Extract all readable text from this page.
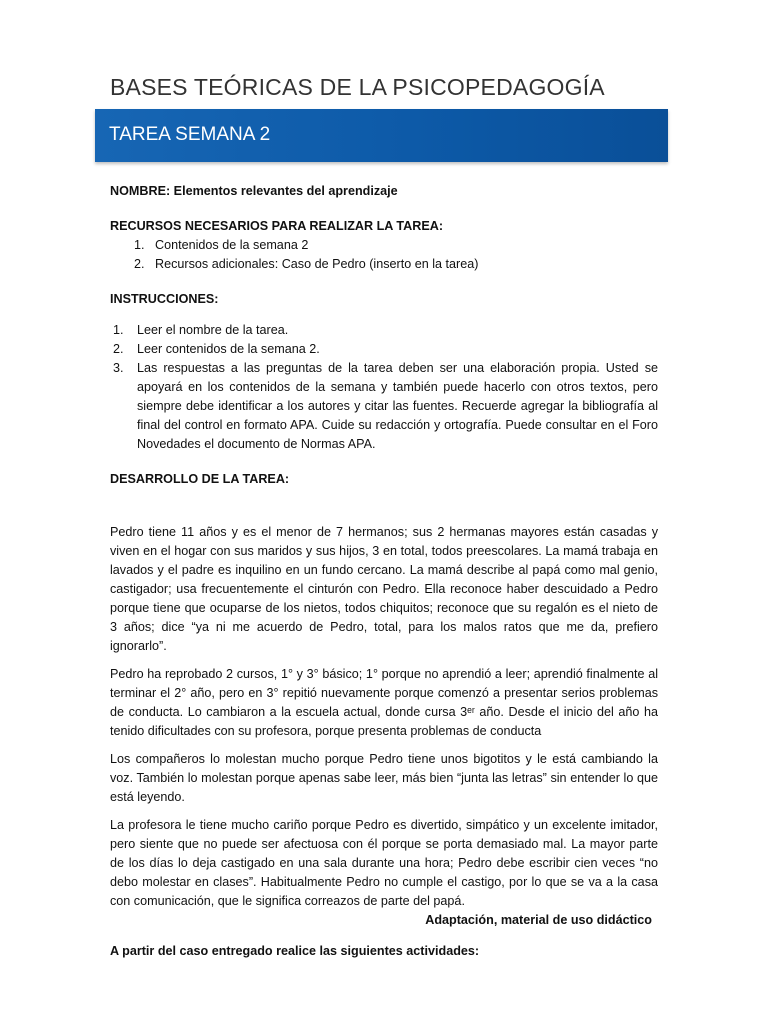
BASES TEÓRICAS DE LA PSICOPEDAGOGÍA
TAREA SEMANA 2

NOMBRE: Elementos relevantes del aprendizaje

RECURSOS NECESARIOS PARA REALIZAR LA TAREA:

1. Contenidos de la semana 2
2. Recursos adicionales: Caso de Pedro (inserto en la tarea)

INSTRUCCIONES:

1. Leer el nombre de la tarea.
2. Leer contenidos de la semana 2.
3. Las respuestas a las preguntas de la tarea deben ser una elaboración propia. Usted se apoyará en los contenidos de la semana y también puede hacerlo con otros textos, pero siempre debe identificar a los autores y citar las fuentes. Recuerde agregar la bibliografía al final del control en formato APA. Cuide su redacción y ortografía. Puede consultar en el Foro Novedades el documento de Normas APA.

DESARROLLO DE LA TAREA:

Pedro tiene 11 años y es el menor de 7 hermanos; sus 2 hermanas mayores están casadas y viven en el hogar con sus maridos y sus hijos, 3 en total, todos preescolares. La mamá trabaja en lavados y el padre es inquilino en un fundo cercano. La mamá describe al papá como mal genio, castigador; usa frecuentemente el cinturón con Pedro. Ella reconoce haber descuidado a Pedro porque tiene que ocuparse de los nietos, todos chiquitos; reconoce que su regalón es el nieto de 3 años; dice “ya ni me acuerdo de Pedro, total, para los malos ratos que me da, prefiero ignorarlo”.

Pedro ha reprobado 2 cursos, 1° y 3° básico; 1° porque no aprendió a leer; aprendió finalmente al terminar el 2° año, pero en 3° repitió nuevamente porque comenzó a presentar serios problemas de conducta. Lo cambiaron a la escuela actual, donde cursa 3ᵉʳ año. Desde el inicio del año ha tenido dificultades con su profesora, porque presenta problemas de conducta

Los compañeros lo molestan mucho porque Pedro tiene unos bigotitos y le está cambiando la voz. También lo molestan porque apenas sabe leer, más bien “junta las letras” sin entender lo que está leyendo.

La profesora le tiene mucho cariño porque Pedro es divertido, simpático y un excelente imitador, pero siente que no puede ser afectuosa con él porque se porta demasiado mal. La mayor parte de los días lo deja castigado en una sala durante una hora; Pedro debe escribir cien veces “no debo molestar en clases”. Habitualmente Pedro no cumple el castigo, por lo que se va a la casa con comunicación, que le significa correazos de parte del papá.

Adaptación, material de uso didáctico

A partir del caso entregado realice las siguientes actividades:
